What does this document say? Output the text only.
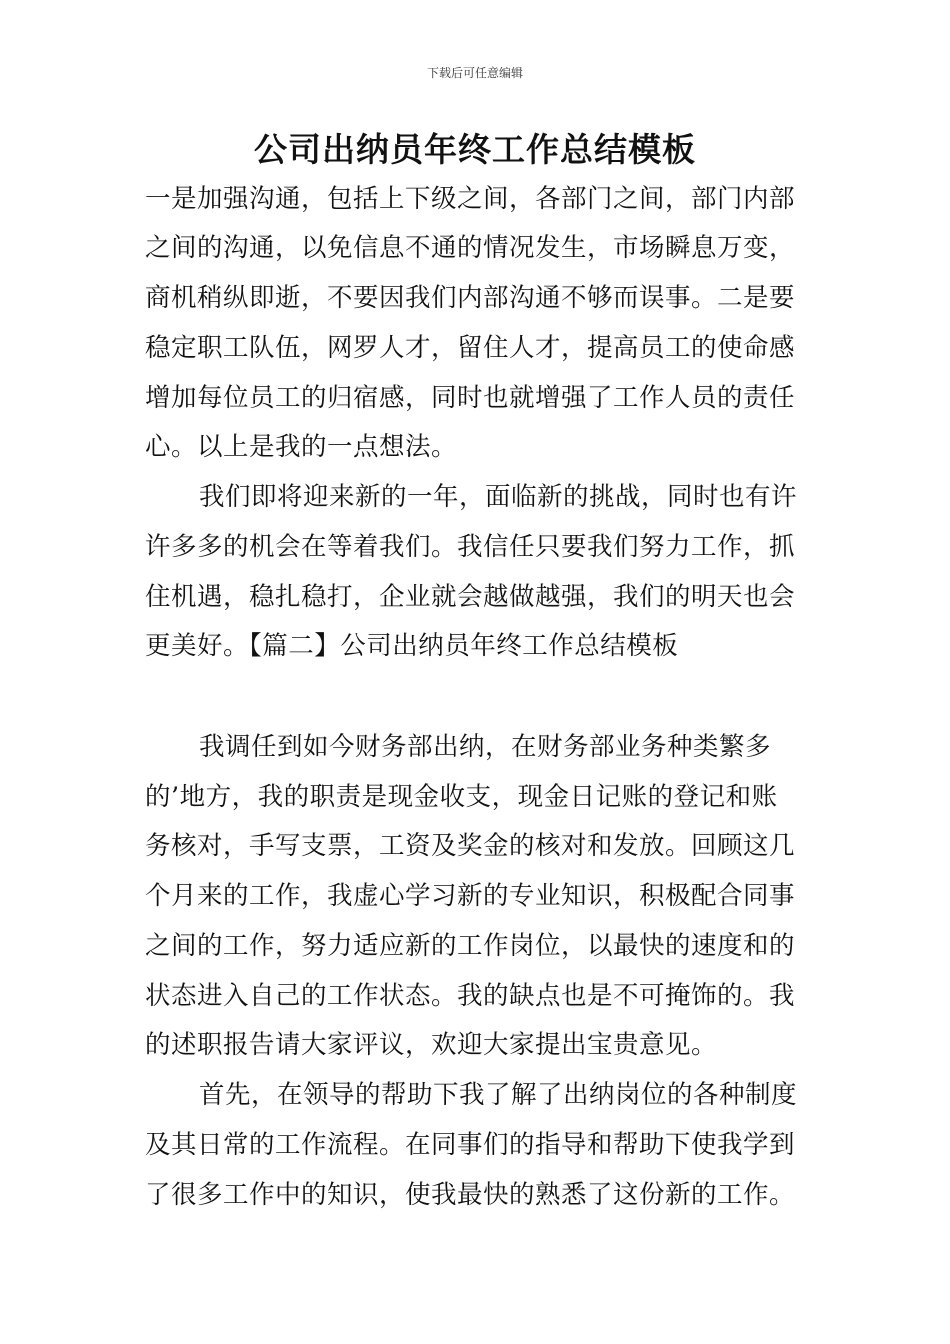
下载后可任意编辑
公司出纳员年终工作总结模板
一是加强沟通，包括上下级之间，各部门之间，部门内部
之间的沟通，以免信息不通的情况发生，市场瞬息万变，
商机稍纵即逝，不要因我们内部沟通不够而误事。二是要
稳定职工队伍，网罗人才，留住人才，提高员工的使命感
增加每位员工的归宿感，同时也就增强了工作人员的责任
心。以上是我的一点想法。
我们即将迎来新的一年，面临新的挑战，同时也有许
许多多的机会在等着我们。我信任只要我们努力工作，抓
住机遇，稳扎稳打，企业就会越做越强，我们的明天也会
更美好。【篇二】公司出纳员年终工作总结模板
我调任到如今财务部出纳，在财务部业务种类繁多
的’地方，我的职责是现金收支，现金日记账的登记和账
务核对，手写支票，工资及奖金的核对和发放。回顾这几
个月来的工作，我虚心学习新的专业知识，积极配合同事
之间的工作，努力适应新的工作岗位，以最快的速度和的
状态进入自己的工作状态。我的缺点也是不可掩饰的。我
的述职报告请大家评议，欢迎大家提出宝贵意见。
首先，在领导的帮助下我了解了出纳岗位的各种制度
及其日常的工作流程。在同事们的指导和帮助下使我学到
了很多工作中的知识，使我最快的熟悉了这份新的工作。
